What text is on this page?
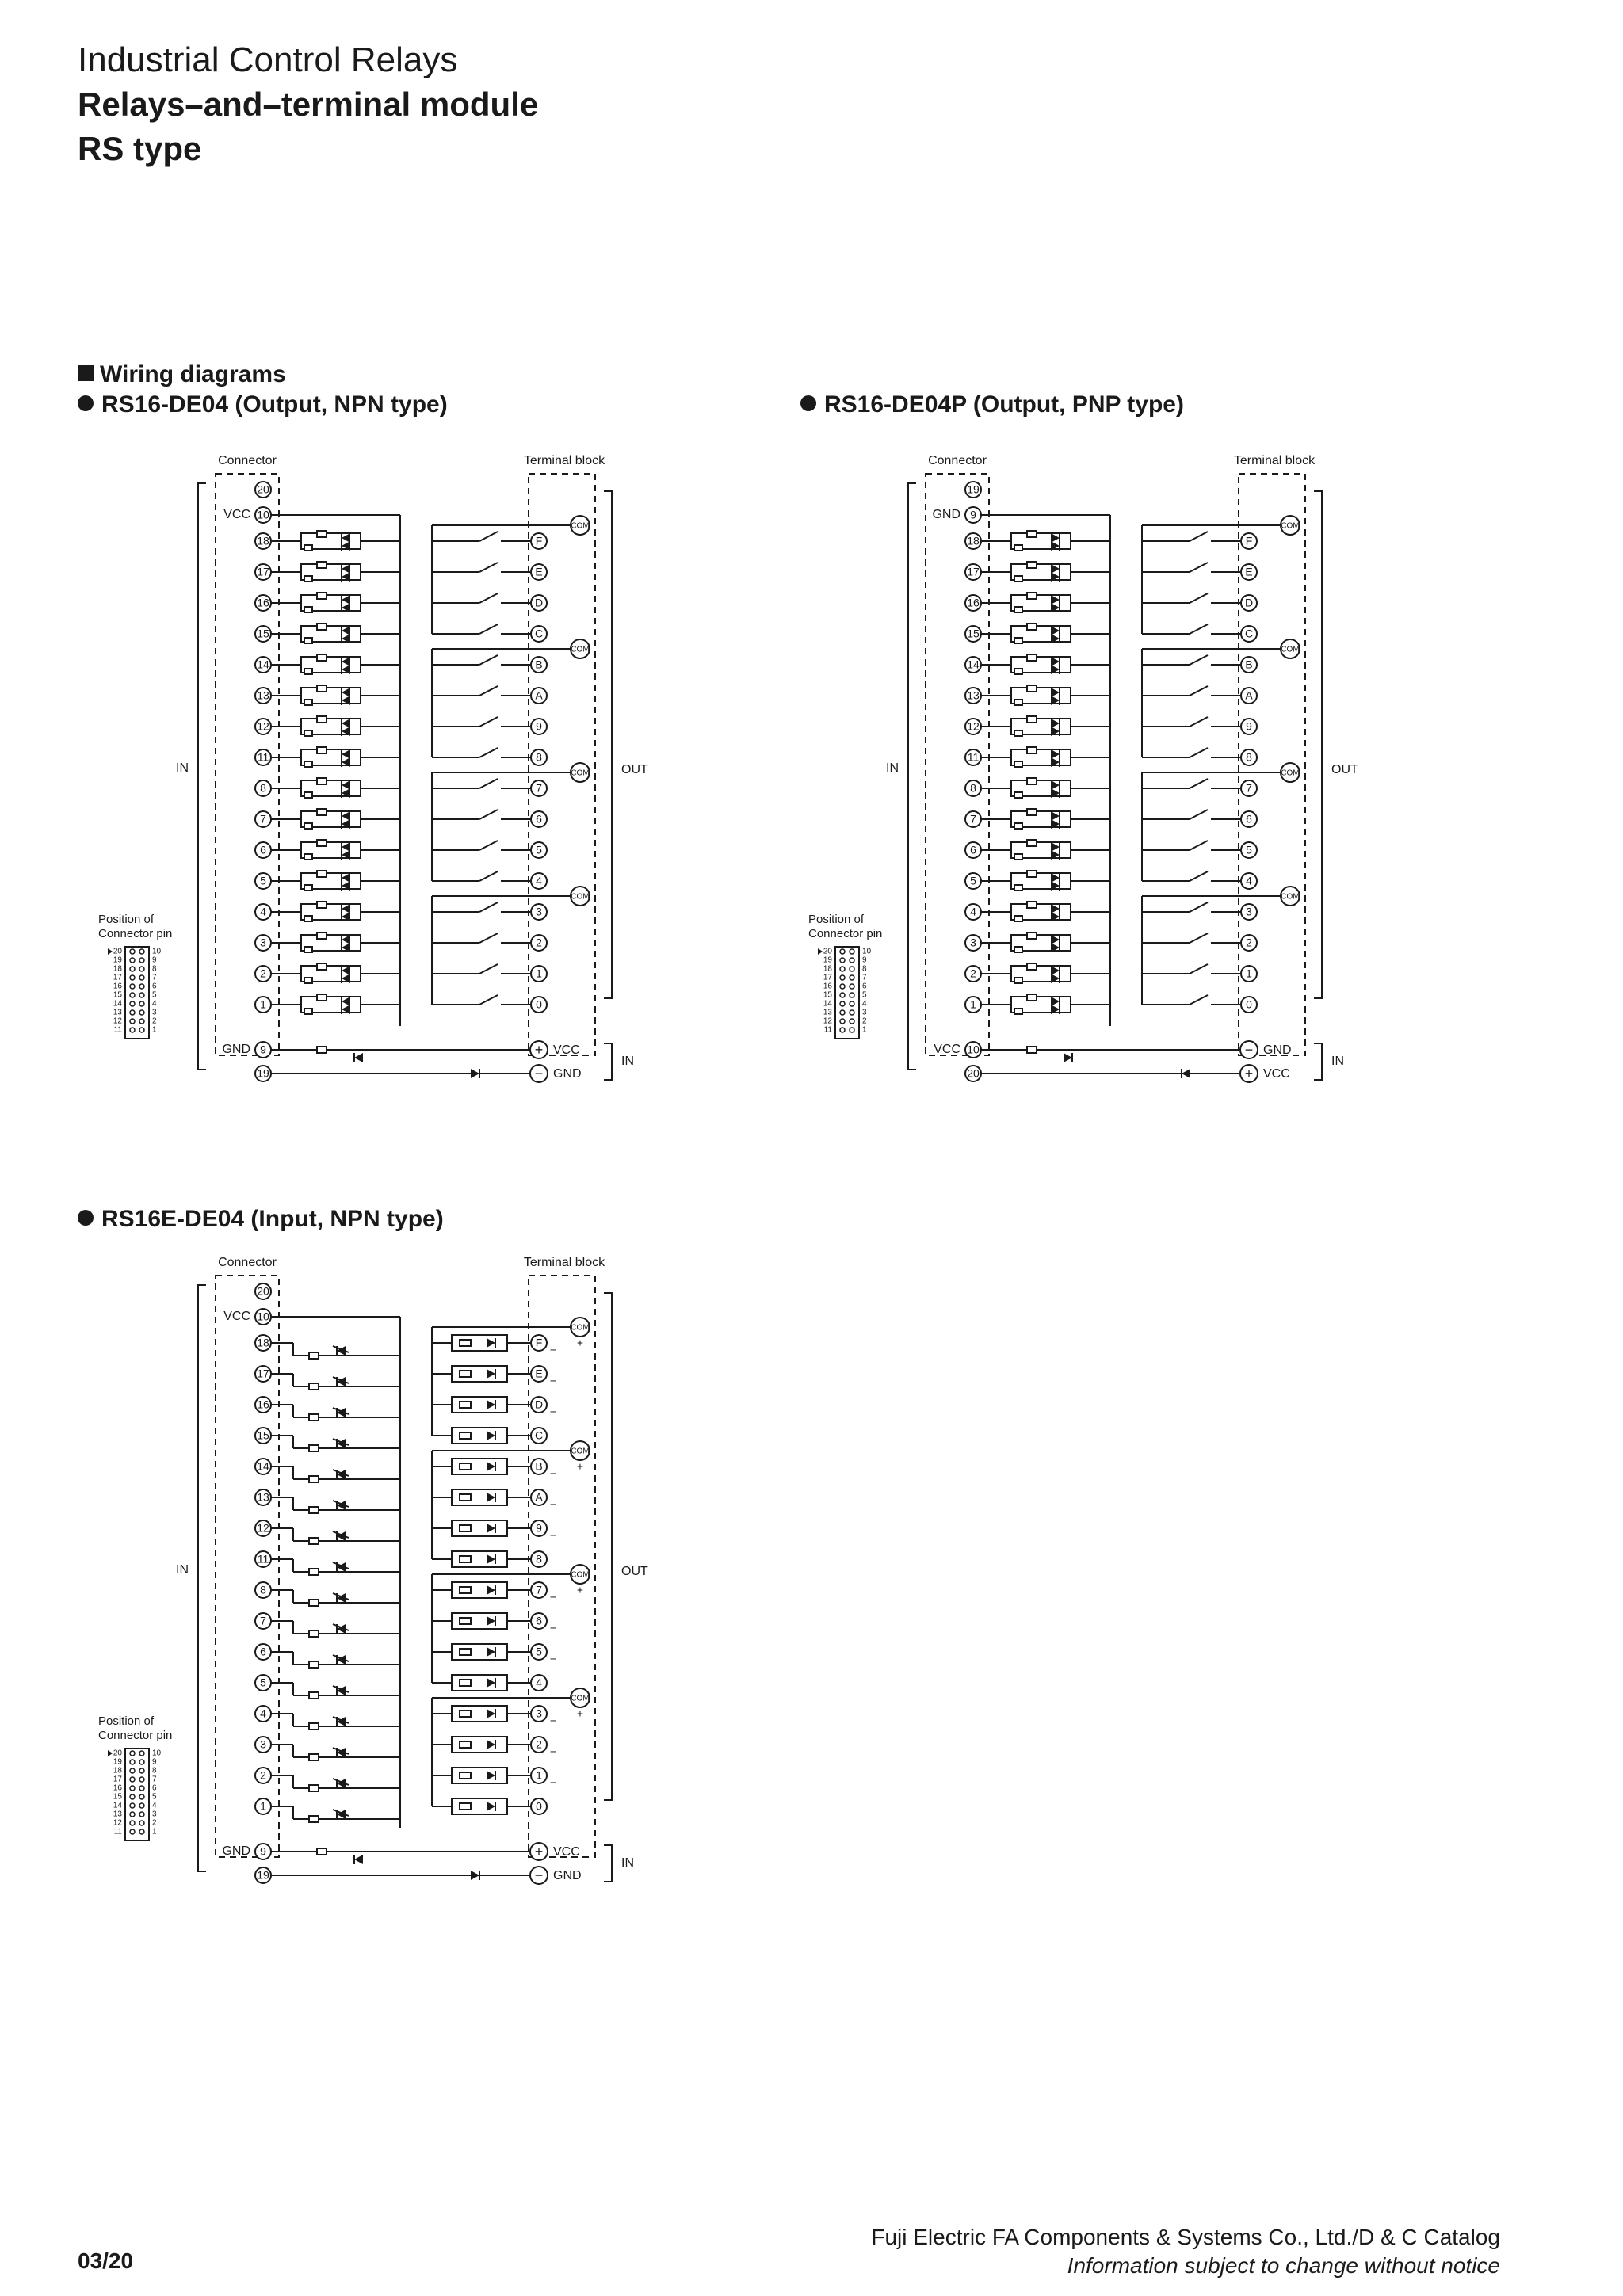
Industrial Control Relays
Relays–and–terminal module
RS type
Wiring diagrams
RS16-DE04 (Output, NPN type)	RS16-DE04P (Output, PNP type)
RS16E-DE04 (Input, NPN type)
Connector	Terminal block
IN	OUT
20
10
VCC
18
17
16
15
14
13
12
11
8
7
6
5
4
3
2
1
F
E
D
C
B
A
9
8
7
6
5
4
3
2
1
0
COM
COM
COM
COM
9
19
GND	+ VCC
− GND
IN
Position of
Connector pin
20	10
19	9
18	8
17	7
16	6
15	5
14	4
13	3
12	2
11	1
Connector	Terminal block
IN	OUT
19
9
GND
18
17
16
15
14
13
12
11
8
7
6
5
4
3
2
1
F
E
D
C
B
A
9
8
7
6
5
4
3
2
1
0
COM
COM
COM
COM
10
20
VCC	− GND
+ VCC
IN
Position of
Connector pin
20	10
19	9
18	8
17	7
16	6
15	5
14	4
13	3
12	2
11	1
Connector	Terminal block
IN	OUT
20
10
VCC
18
17
16
15
14
13
12
11
8
7
6
5
4
3
2
1
F
−
E
−
D
−
C
B
−
A
−
9
−
8
7
−
6
−
5
−
4
3
−
2
−
1
−
0
COM
+
COM
+
COM
+
COM
+
9
19
GND	+ VCC
− GND
IN
Position of
Connector pin
20	10
19	9
18	8
17	7
16	6
15	5
14	4
13	3
12	2
11	1
03/20
Fuji Electric FA Components & Systems Co., Ltd./D & C Catalog
Information subject to change without notice
